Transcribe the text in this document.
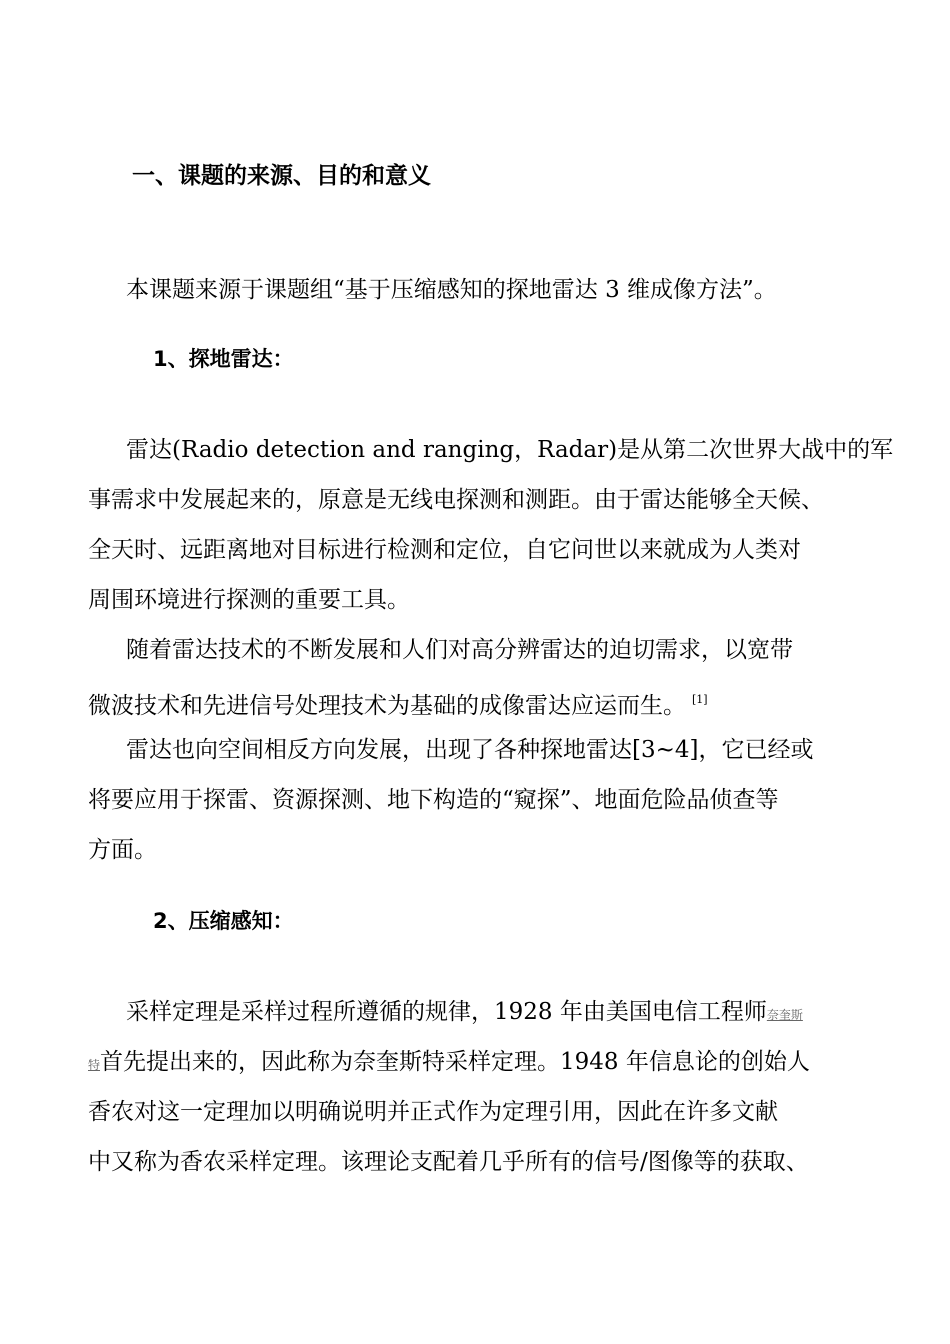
一、课题的来源、目的和意义
本课题来源于课题组“基于压缩感知的探地雷达 3 维成像方法”。
1、探地雷达：
雷达(Radio detection and ranging，Radar)是从第二次世界大战中的军
事需求中发展起来的，原意是无线电探测和测距。由于雷达能够全天候、
全天时、远距离地对目标进行检测和定位，自它问世以来就成为人类对
周围环境进行探测的重要工具。
随着雷达技术的不断发展和人们对高分辨雷达的迫切需求，以宽带
微波技术和先进信号处理技术为基础的成像雷达应运而生。 [1]
雷达也向空间相反方向发展，出现了各种探地雷达[3~4]，它已经或
将要应用于探雷、资源探测、地下构造的“窥探”、地面危险品侦查等
方面。
2、压缩感知：
采样定理是采样过程所遵循的规律，1928 年由美国电信工程师奈奎斯
特首先提出来的，因此称为奈奎斯特采样定理。1948 年信息论的创始人
香农对这一定理加以明确说明并正式作为定理引用，因此在许多文献
中又称为香农采样定理。该理论支配着几乎所有的信号/图像等的获取、
